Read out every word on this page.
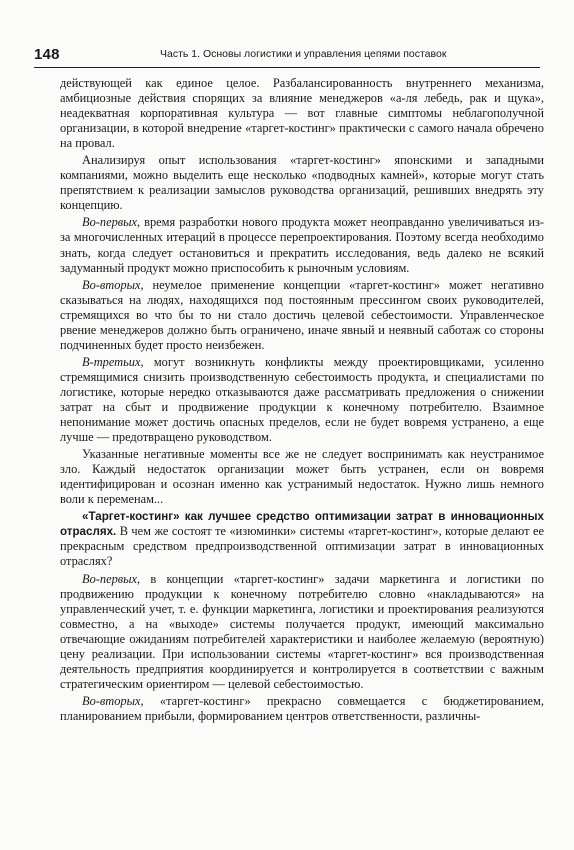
148	Часть 1. Основы логистики и управления цепями поставок

действующей как единое целое. Разбалансированность внутреннего механизма, амбициозные действия спорящих за влияние менеджеров «а-ля лебедь, рак и щука», неадекватная корпоративная культура — вот главные симптомы неблагополучной организации, в которой внедрение «таргет-костинг» практически с самого начала обречено на провал.

Анализируя опыт использования «таргет-костинг» японскими и западными компаниями, можно выделить еще несколько «подводных камней», которые могут стать препятствием к реализации замыслов руководства организаций, решивших внедрять эту концепцию.

Во-первых, время разработки нового продукта может неоправданно увеличиваться из-за многочисленных итераций в процессе перепроектирования. Поэтому всегда необходимо знать, когда следует остановиться и прекратить исследования, ведь далеко не всякий задуманный продукт можно приспособить к рыночным условиям.

Во-вторых, неумелое применение концепции «таргет-костинг» может негативно сказываться на людях, находящихся под постоянным прессингом своих руководителей, стремящихся во что бы то ни стало достичь целевой себестоимости. Управленческое рвение менеджеров должно быть ограничено, иначе явный и неявный саботаж со стороны подчиненных будет просто неизбежен.

В-третьих, могут возникнуть конфликты между проектировщиками, усиленно стремящимися снизить производственную себестоимость продукта, и специалистами по логистике, которые нередко отказываются даже рассматривать предложения о снижении затрат на сбыт и продвижение продукции к конечному потребителю. Взаимное непонимание может достичь опасных пределов, если не будет вовремя устранено, а еще лучше — предотвращено руководством.

Указанные негативные моменты все же не следует воспринимать как неустранимое зло. Каждый недостаток организации может быть устранен, если он вовремя идентифицирован и осознан именно как устранимый недостаток. Нужно лишь немного воли к переменам...

«Таргет-костинг» как лучшее средство оптимизации затрат в инновационных отраслях. В чем же состоят те «изюминки» системы «таргет-костинг», которые делают ее прекрасным средством предпроизводственной оптимизации затрат в инновационных отраслях?

Во-первых, в концепции «таргет-костинг» задачи маркетинга и логистики по продвижению продукции к конечному потребителю словно «накладываются» на управленческий учет, т. е. функции маркетинга, логистики и проектирования реализуются совместно, а на «выходе» системы получается продукт, имеющий максимально отвечающие ожиданиям потребителей характеристики и наиболее желаемую (вероятную) цену реализации. При использовании системы «таргет-костинг» вся производственная деятельность предприятия координируется и контролируется в соответствии с важным стратегическим ориентиром — целевой себестоимостью.

Во-вторых, «таргет-костинг» прекрасно совмещается с бюджетированием, планированием прибыли, формированием центров ответственности, различны-
